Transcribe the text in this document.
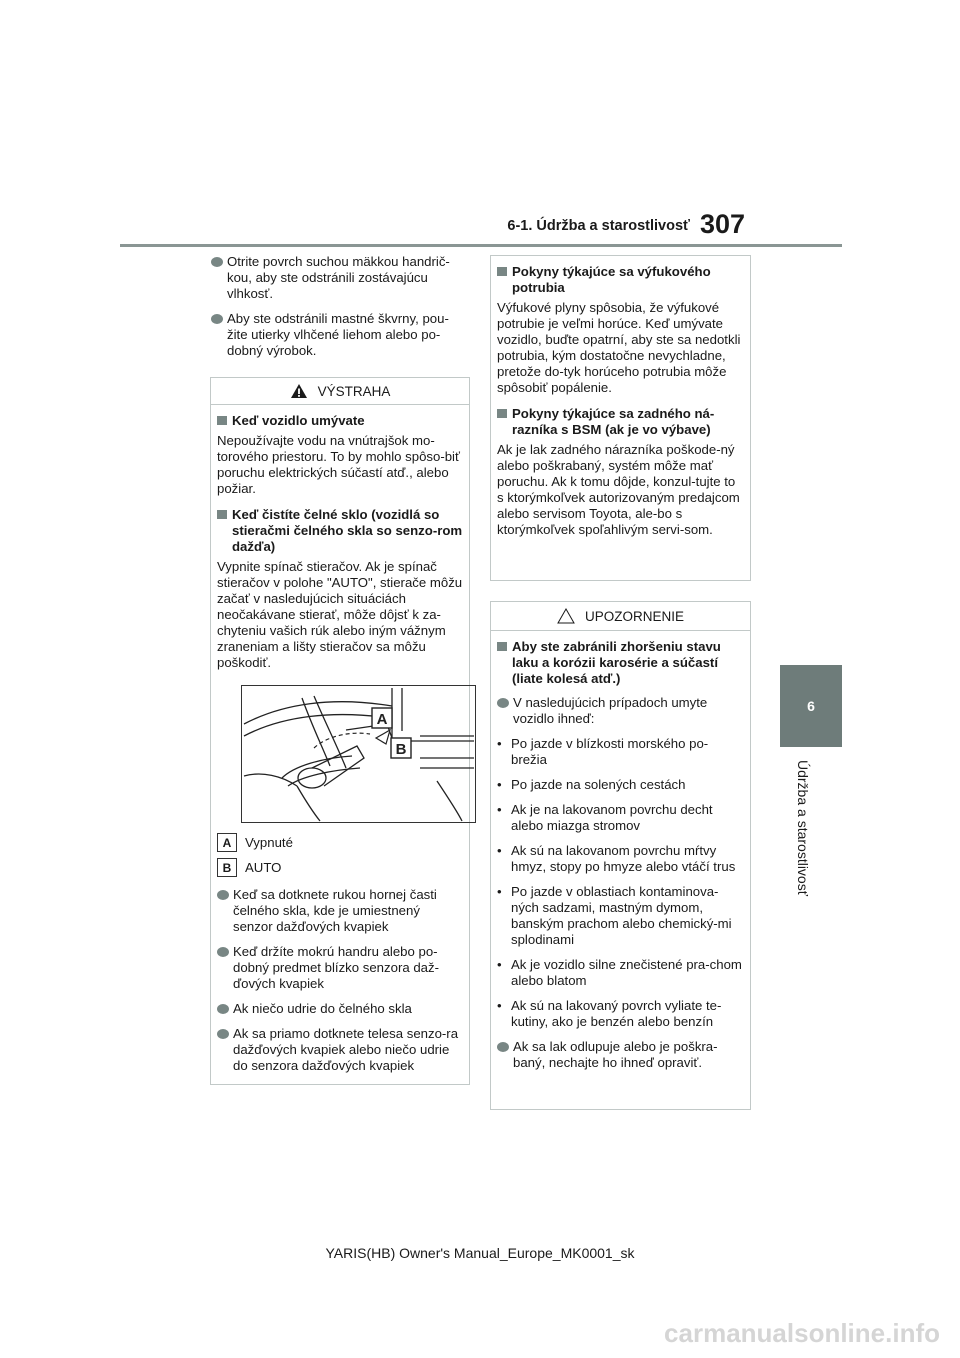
6-1. Údržba a starostlivosť 307
6
Údržba a starostlivosť
Otrite povrch suchou mäkkou handrič-kou, aby ste odstránili zostávajúcu vlhkosť.
Aby ste odstránili mastné škvrny, pou-žite utierky vlhčené liehom alebo po-dobný výrobok.
VÝSTRAHA
Keď vozidlo umývate
Nepoužívajte vodu na vnútrajšok mo-torového priestoru. To by mohlo spôso-biť poruchu elektrických súčastí atď., alebo požiar.
Keď čistíte čelné sklo (vozidlá so stieračmi čelného skla so senzo-rom dažďa)
Vypnite spínač stieračov. Ak je spínač stieračov v polohe "AUTO", stierače môžu začať v nasledujúcich situáciách neočakávane stierať, môže dôjsť k za-chyteniu vašich rúk alebo iným vážnym zraneniam a lišty stieračov sa môžu poškodiť.
A
B
A	Vypnuté
B	AUTO
Keď sa dotknete rukou hornej časti čelného skla, kde je umiestnený senzor dažďových kvapiek
Keď držíte mokrú handru alebo po-dobný predmet blízko senzora daž-ďových kvapiek
Ak niečo udrie do čelného skla
Ak sa priamo dotknete telesa senzo-ra dažďových kvapiek alebo niečo udrie do senzora dažďových kvapiek
Pokyny týkajúce sa výfukového potrubia
Výfukové plyny spôsobia, že výfukové potrubie je veľmi horúce. Keď umývate vozidlo, buďte opatrní, aby ste sa nedotkli potrubia, kým dostatočne nevychladne, pretože do-tyk horúceho potrubia môže spôsobiť popálenie.
Pokyny týkajúce sa zadného ná-razníka s BSM (ak je vo výbave)
Ak je lak zadného nárazníka poškode-ný alebo poškrabaný, systém môže mať poruchu. Ak k tomu dôjde, konzul-tujte to s ktorýmkoľvek autorizovaným predajcom alebo servisom Toyota, ale-bo s ktorýmkoľvek spoľahlivým servi-som.
UPOZORNENIE
Aby ste zabránili zhoršeniu stavu laku a korózii karosérie a súčastí (liate kolesá atď.)
V nasledujúcich prípadoch umyte vozidlo ihneď:
• Po jazde v blízkosti morského po-brežia
• Po jazde na solených cestách
• Ak je na lakovanom povrchu decht alebo miazga stromov
• Ak sú na lakovanom povrchu mŕtvy hmyz, stopy po hmyze alebo vtáčí trus
• Po jazde v oblastiach kontaminova-ných sadzami, mastným dymom, banským prachom alebo chemický-mi splodinami
• Ak je vozidlo silne znečistené pra-chom alebo blatom
• Ak sú na lakovaný povrch vyliate te-kutiny, ako je benzén alebo benzín
Ak sa lak odlupuje alebo je poškra-baný, nechajte ho ihneď opraviť.
YARIS(HB) Owner's Manual_Europe_MK0001_sk
carmanualsonline.info
